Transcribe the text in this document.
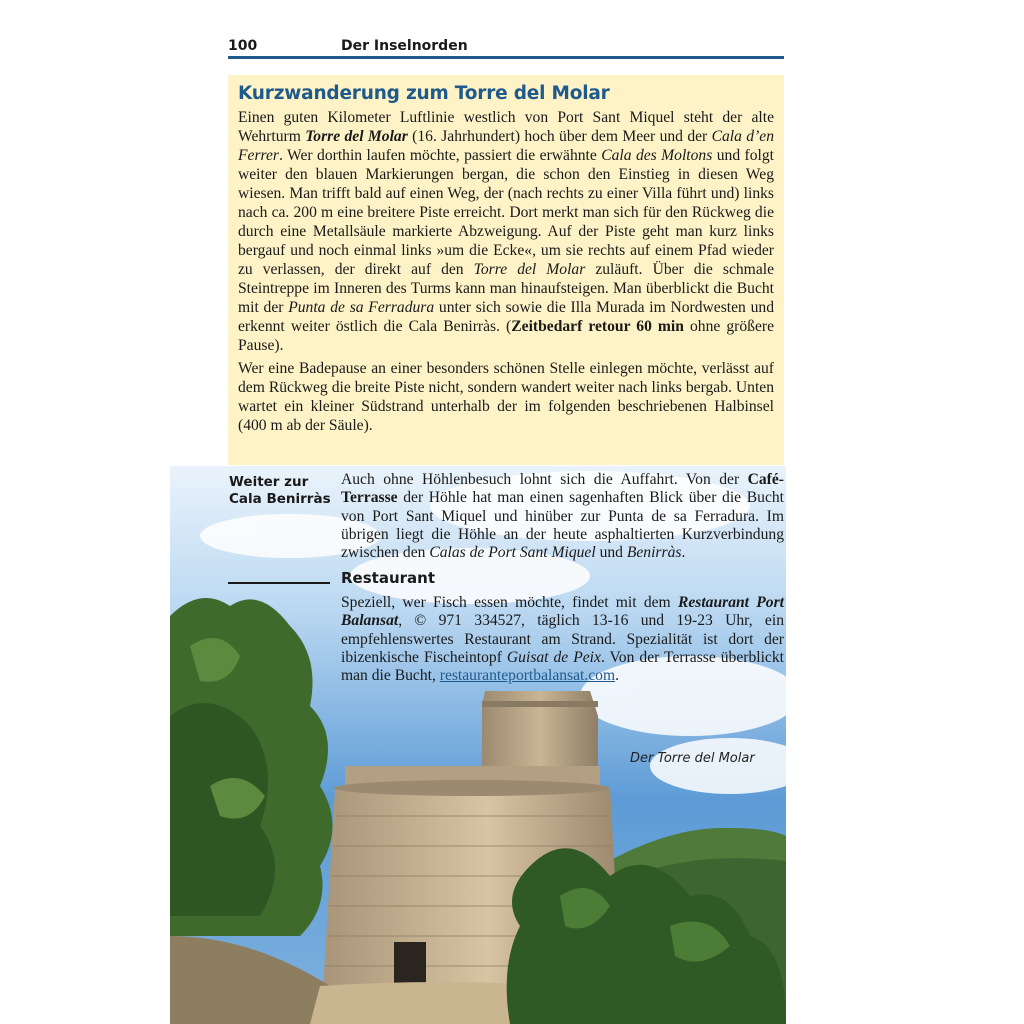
100	Der Inselnorden
Kurzwanderung zum Torre del Molar

Einen guten Kilometer Luftlinie westlich von Port Sant Miquel steht der alte Wehrturm Torre del Molar (16. Jahrhundert) hoch über dem Meer und der Cala d’en Ferrer. Wer dorthin laufen möchte, passiert die erwähnte Cala des Moltons und folgt weiter den blauen Markierungen bergan, die schon den Einstieg in diesen Weg wiesen. Man trifft bald auf einen Weg, der (nach rechts zu einer Villa führt und) links nach ca. 200 m eine breitere Piste erreicht. Dort merkt man sich für den Rückweg die durch eine Metallsäule markierte Abzweigung. Auf der Piste geht man kurz links bergauf und noch einmal links »um die Ecke«, um sie rechts auf einem Pfad wieder zu verlassen, der direkt auf den Torre del Molar zuläuft. Über die schmale Steintreppe im Inneren des Turms kann man hinaufsteigen. Man überblickt die Bucht mit der Punta de sa Ferradura unter sich sowie die Illa Murada im Nordwesten und erkennt weiter östlich die Cala Benirràs. (Zeitbedarf retour 60 min ohne größere Pause).

Wer eine Badepause an einer besonders schönen Stelle einlegen möchte, verlässt auf dem Rückweg die breite Piste nicht, sondern wandert weiter nach links bergab. Unten wartet ein kleiner Südstrand unterhalb der im folgenden beschriebenen Halbinsel (400 m ab der Säule).

Weiter zur
Cala Benirràs

Auch ohne Höhlenbesuch lohnt sich die Auffahrt. Von der Café-Terrasse der Höhle hat man einen sagenhaften Blick über die Bucht von Port Sant Miquel und hinüber zur Punta de sa Ferradura. Im übrigen liegt die Höhle an der heute asphaltierten Kurzverbindung zwischen den Calas de Port Sant Miquel und Benirràs.

Restaurant

Speziell, wer Fisch essen möchte, findet mit dem Restaurant Port Balansat, © 971 334527, täglich 13-16 und 19-23 Uhr, ein empfehlenswertes Restaurant am Strand. Spezialität ist dort der ibizenkische Fischeintopf Guisat de Peix. Von der Terrasse überblickt man die Bucht, restauranteportbalansat.com.

Der Torre del Molar
